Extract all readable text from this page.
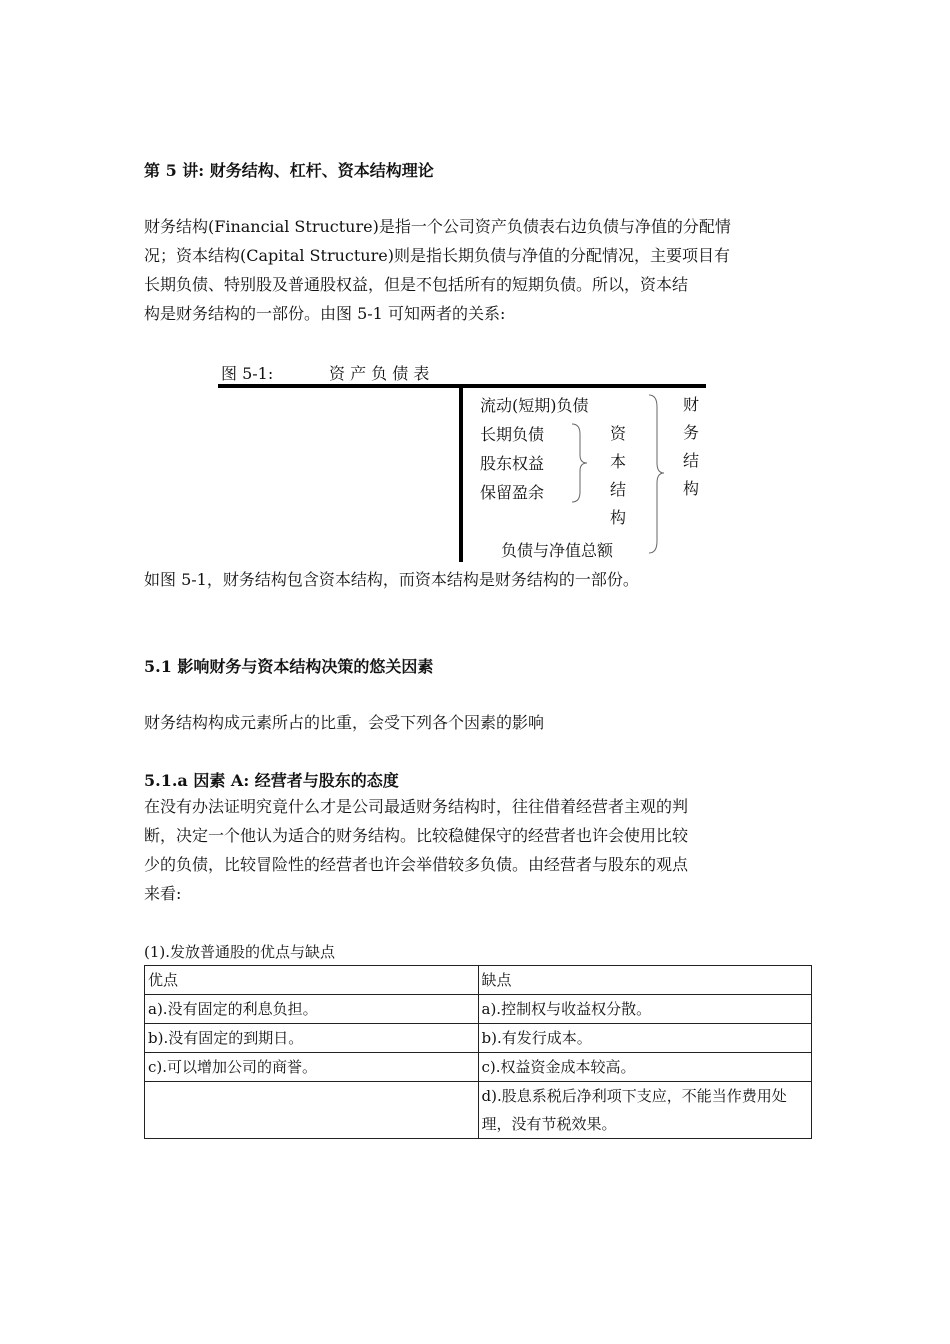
第 5 讲: 财务结构、杠杆、资本结构理论
财务结构(Financial Structure)是指一个公司资产负债表右边负债与净值的分配情
况；资本结构(Capital Structure)则是指长期负债与净值的分配情况，主要项目有
长期负债、特别股及普通股权益，但是不包括所有的短期负债。所以，资本结
构是财务结构的一部份。由图 5-1 可知两者的关系:
图 5-1:	资 产 负 债 表
流动(短期)负债
长期负债
股东权益
保留盈余
资
本
结
构
财
务
结
构
负债与净值总额
如图 5-1，财务结构包含资本结构，而资本结构是财务结构的一部份。
5.1 影响财务与资本结构决策的悠关因素
财务结构构成元素所占的比重，会受下列各个因素的影响
5.1.a 因素 A: 经营者与股东的态度
在没有办法证明究竟什么才是公司最适财务结构时，往往借着经营者主观的判
断，决定一个他认为适合的财务结构。比较稳健保守的经营者也许会使用比较
少的负债，比较冒险性的经营者也许会举借较多负债。由经营者与股东的观点
来看:
(1).发放普通股的优点与缺点
优点	缺点
a).没有固定的利息负担。	a).控制权与收益权分散。
b).没有固定的到期日。	b).有发行成本。
c).可以增加公司的商誉。	c).权益资金成本较高。
	d).股息系税后净利项下支应，不能当作费用处理，没有节税效果。
